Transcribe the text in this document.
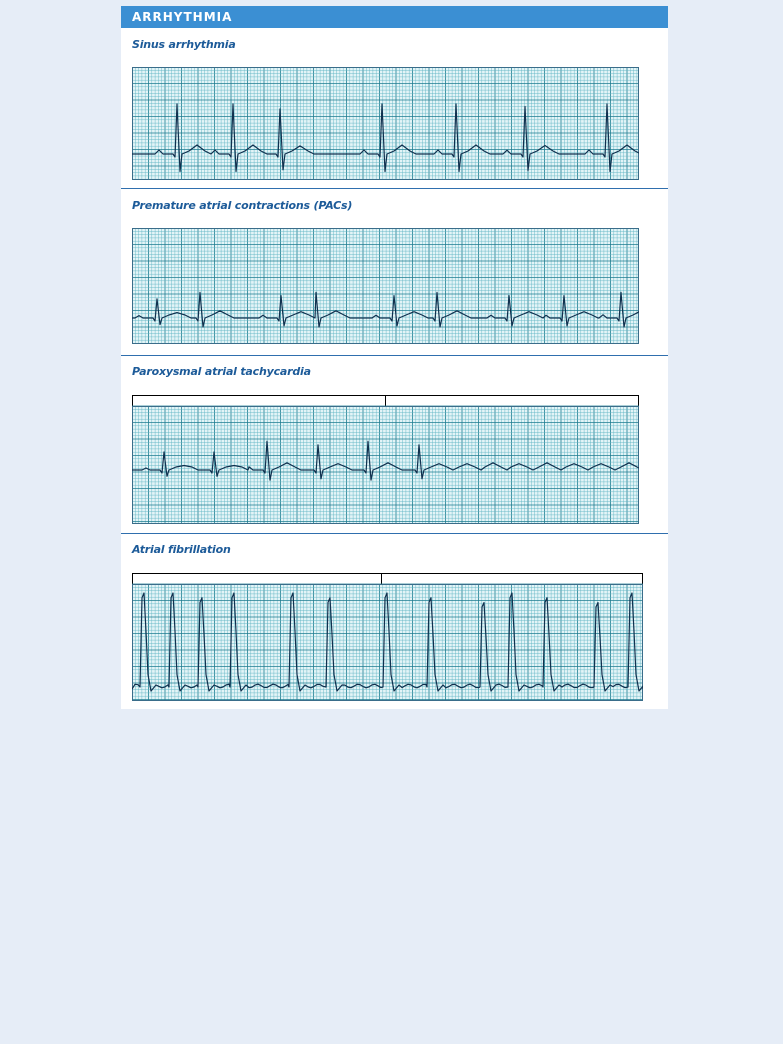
ARRHYTHMIA
Sinus arrhythmia
Premature atrial contractions (PACs)
Paroxysmal atrial tachycardia
Atrial fibrillation
